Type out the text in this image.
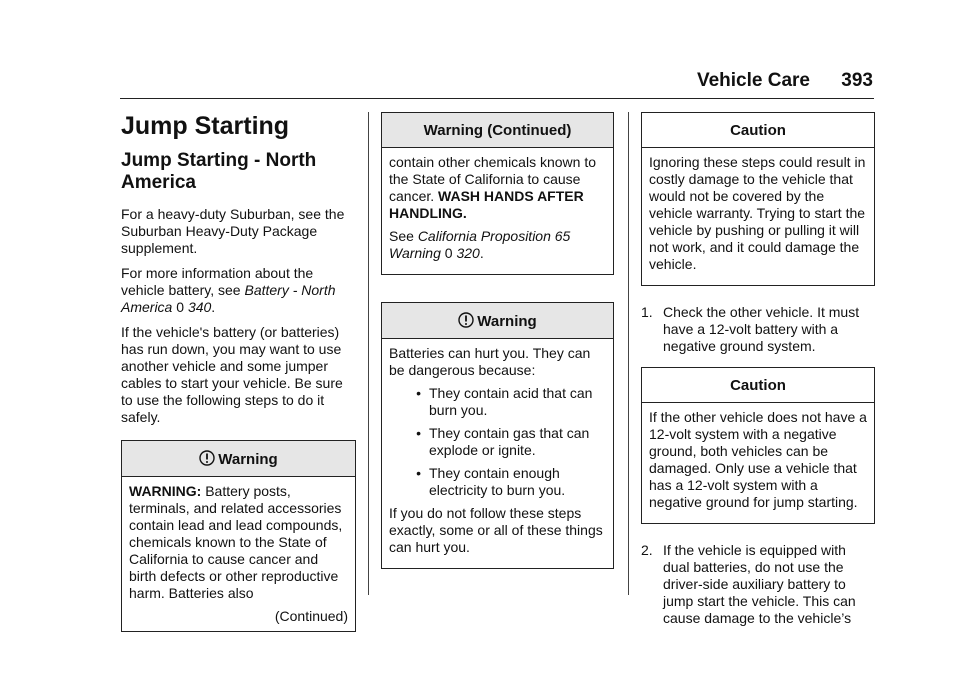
Vehicle Care 393
Jump Starting
Jump Starting - North America

For a heavy-duty Suburban, see the Suburban Heavy-Duty Package supplement.

For more information about the vehicle battery, see Battery - North America 0 340.

If the vehicle's battery (or batteries) has run down, you may want to use another vehicle and some jumper cables to start your vehicle. Be sure to use the following steps to do it safely.

Warning

WARNING: Battery posts, terminals, and related accessories contain lead and lead compounds, chemicals known to the State of California to cause cancer and birth defects or other reproductive harm. Batteries also

(Continued)
Warning (Continued)

contain other chemicals known to the State of California to cause cancer. WASH HANDS AFTER HANDLING.

See California Proposition 65 Warning 0 320.

Warning

Batteries can hurt you. They can be dangerous because:

• They contain acid that can burn you.
• They contain gas that can explode or ignite.
• They contain enough electricity to burn you.

If you do not follow these steps exactly, some or all of these things can hurt you.

Caution

Ignoring these steps could result in costly damage to the vehicle that would not be covered by the vehicle warranty. Trying to start the vehicle by pushing or pulling it will not work, and it could damage the vehicle.

1. Check the other vehicle. It must have a 12-volt battery with a negative ground system.
Caution

If the other vehicle does not have a 12-volt system with a negative ground, both vehicles can be damaged. Only use a vehicle that has a 12-volt system with a negative ground for jump starting.

2. If the vehicle is equipped with dual batteries, do not use the driver-side auxiliary battery to jump start the vehicle. This can cause damage to the vehicle’s
